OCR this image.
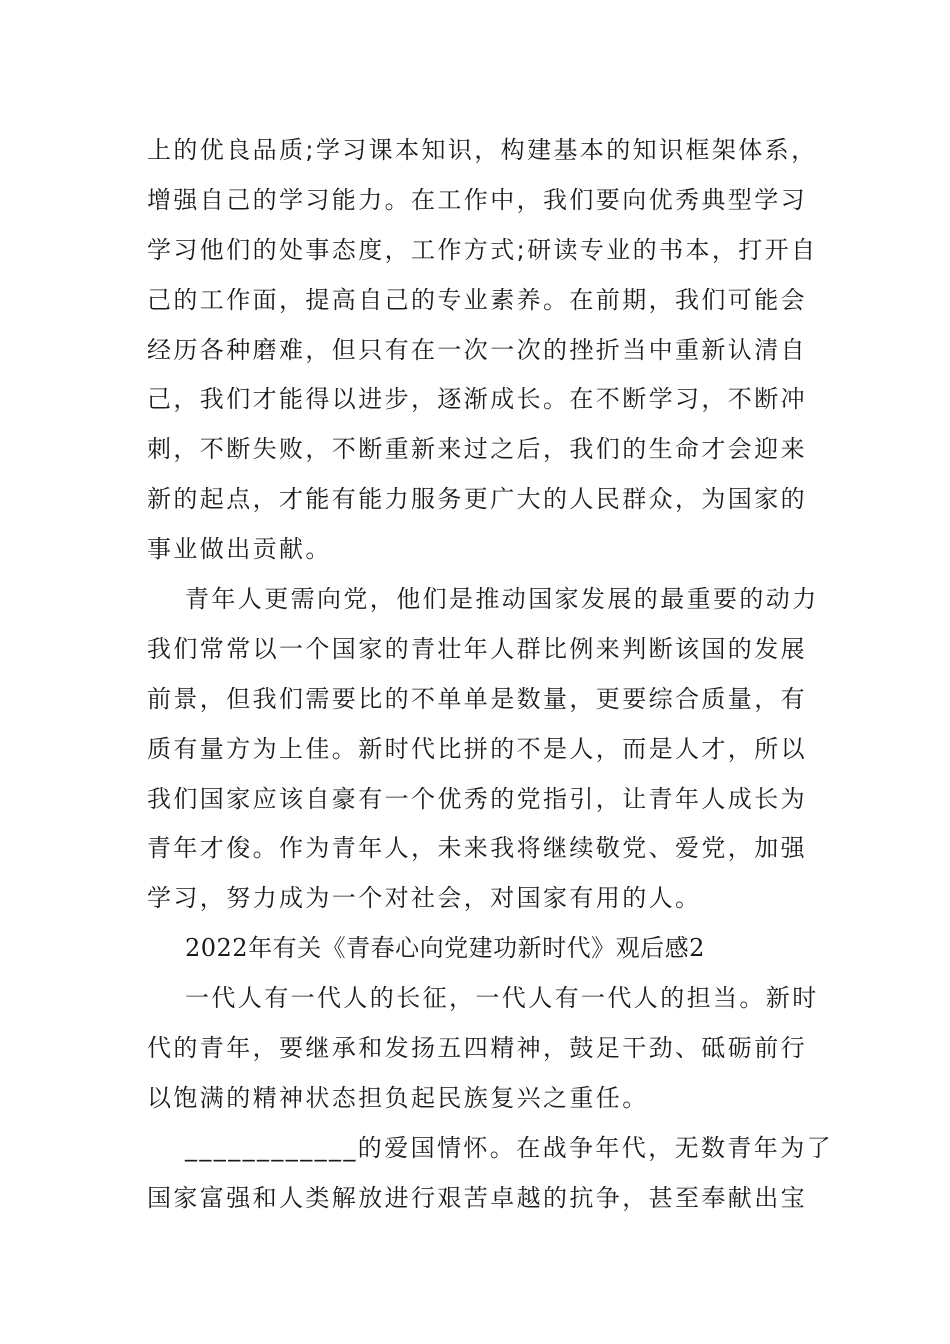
上的优良品质;学习课本知识，构建基本的知识框架体系，
增强自己的学习能力。在工作中，我们要向优秀典型学习
学习他们的处事态度，工作方式;研读专业的书本，打开自
己的工作面，提高自己的专业素养。在前期，我们可能会
经历各种磨难，但只有在一次一次的挫折当中重新认清自
己，我们才能得以进步，逐渐成长。在不断学习，不断冲
刺，不断失败，不断重新来过之后，我们的生命才会迎来
新的起点，才能有能力服务更广大的人民群众，为国家的
事业做出贡献。
青年人更需向党，他们是推动国家发展的最重要的动力
我们常常以一个国家的青壮年人群比例来判断该国的发展
前景，但我们需要比的不单单是数量，更要综合质量，有
质有量方为上佳。新时代比拼的不是人，而是人才，所以
我们国家应该自豪有一个优秀的党指引，让青年人成长为
青年才俊。作为青年人，未来我将继续敬党、爱党，加强
学习，努力成为一个对社会，对国家有用的人。
2022年有关《青春心向党建功新时代》观后感2
一代人有一代人的长征，一代人有一代人的担当。新时
代的青年，要继承和发扬五四精神，鼓足干劲、砥砺前行
以饱满的精神状态担负起民族复兴之重任。
____________的爱国情怀。在战争年代，无数青年为了
国家富强和人类解放进行艰苦卓越的抗争，甚至奉献出宝
